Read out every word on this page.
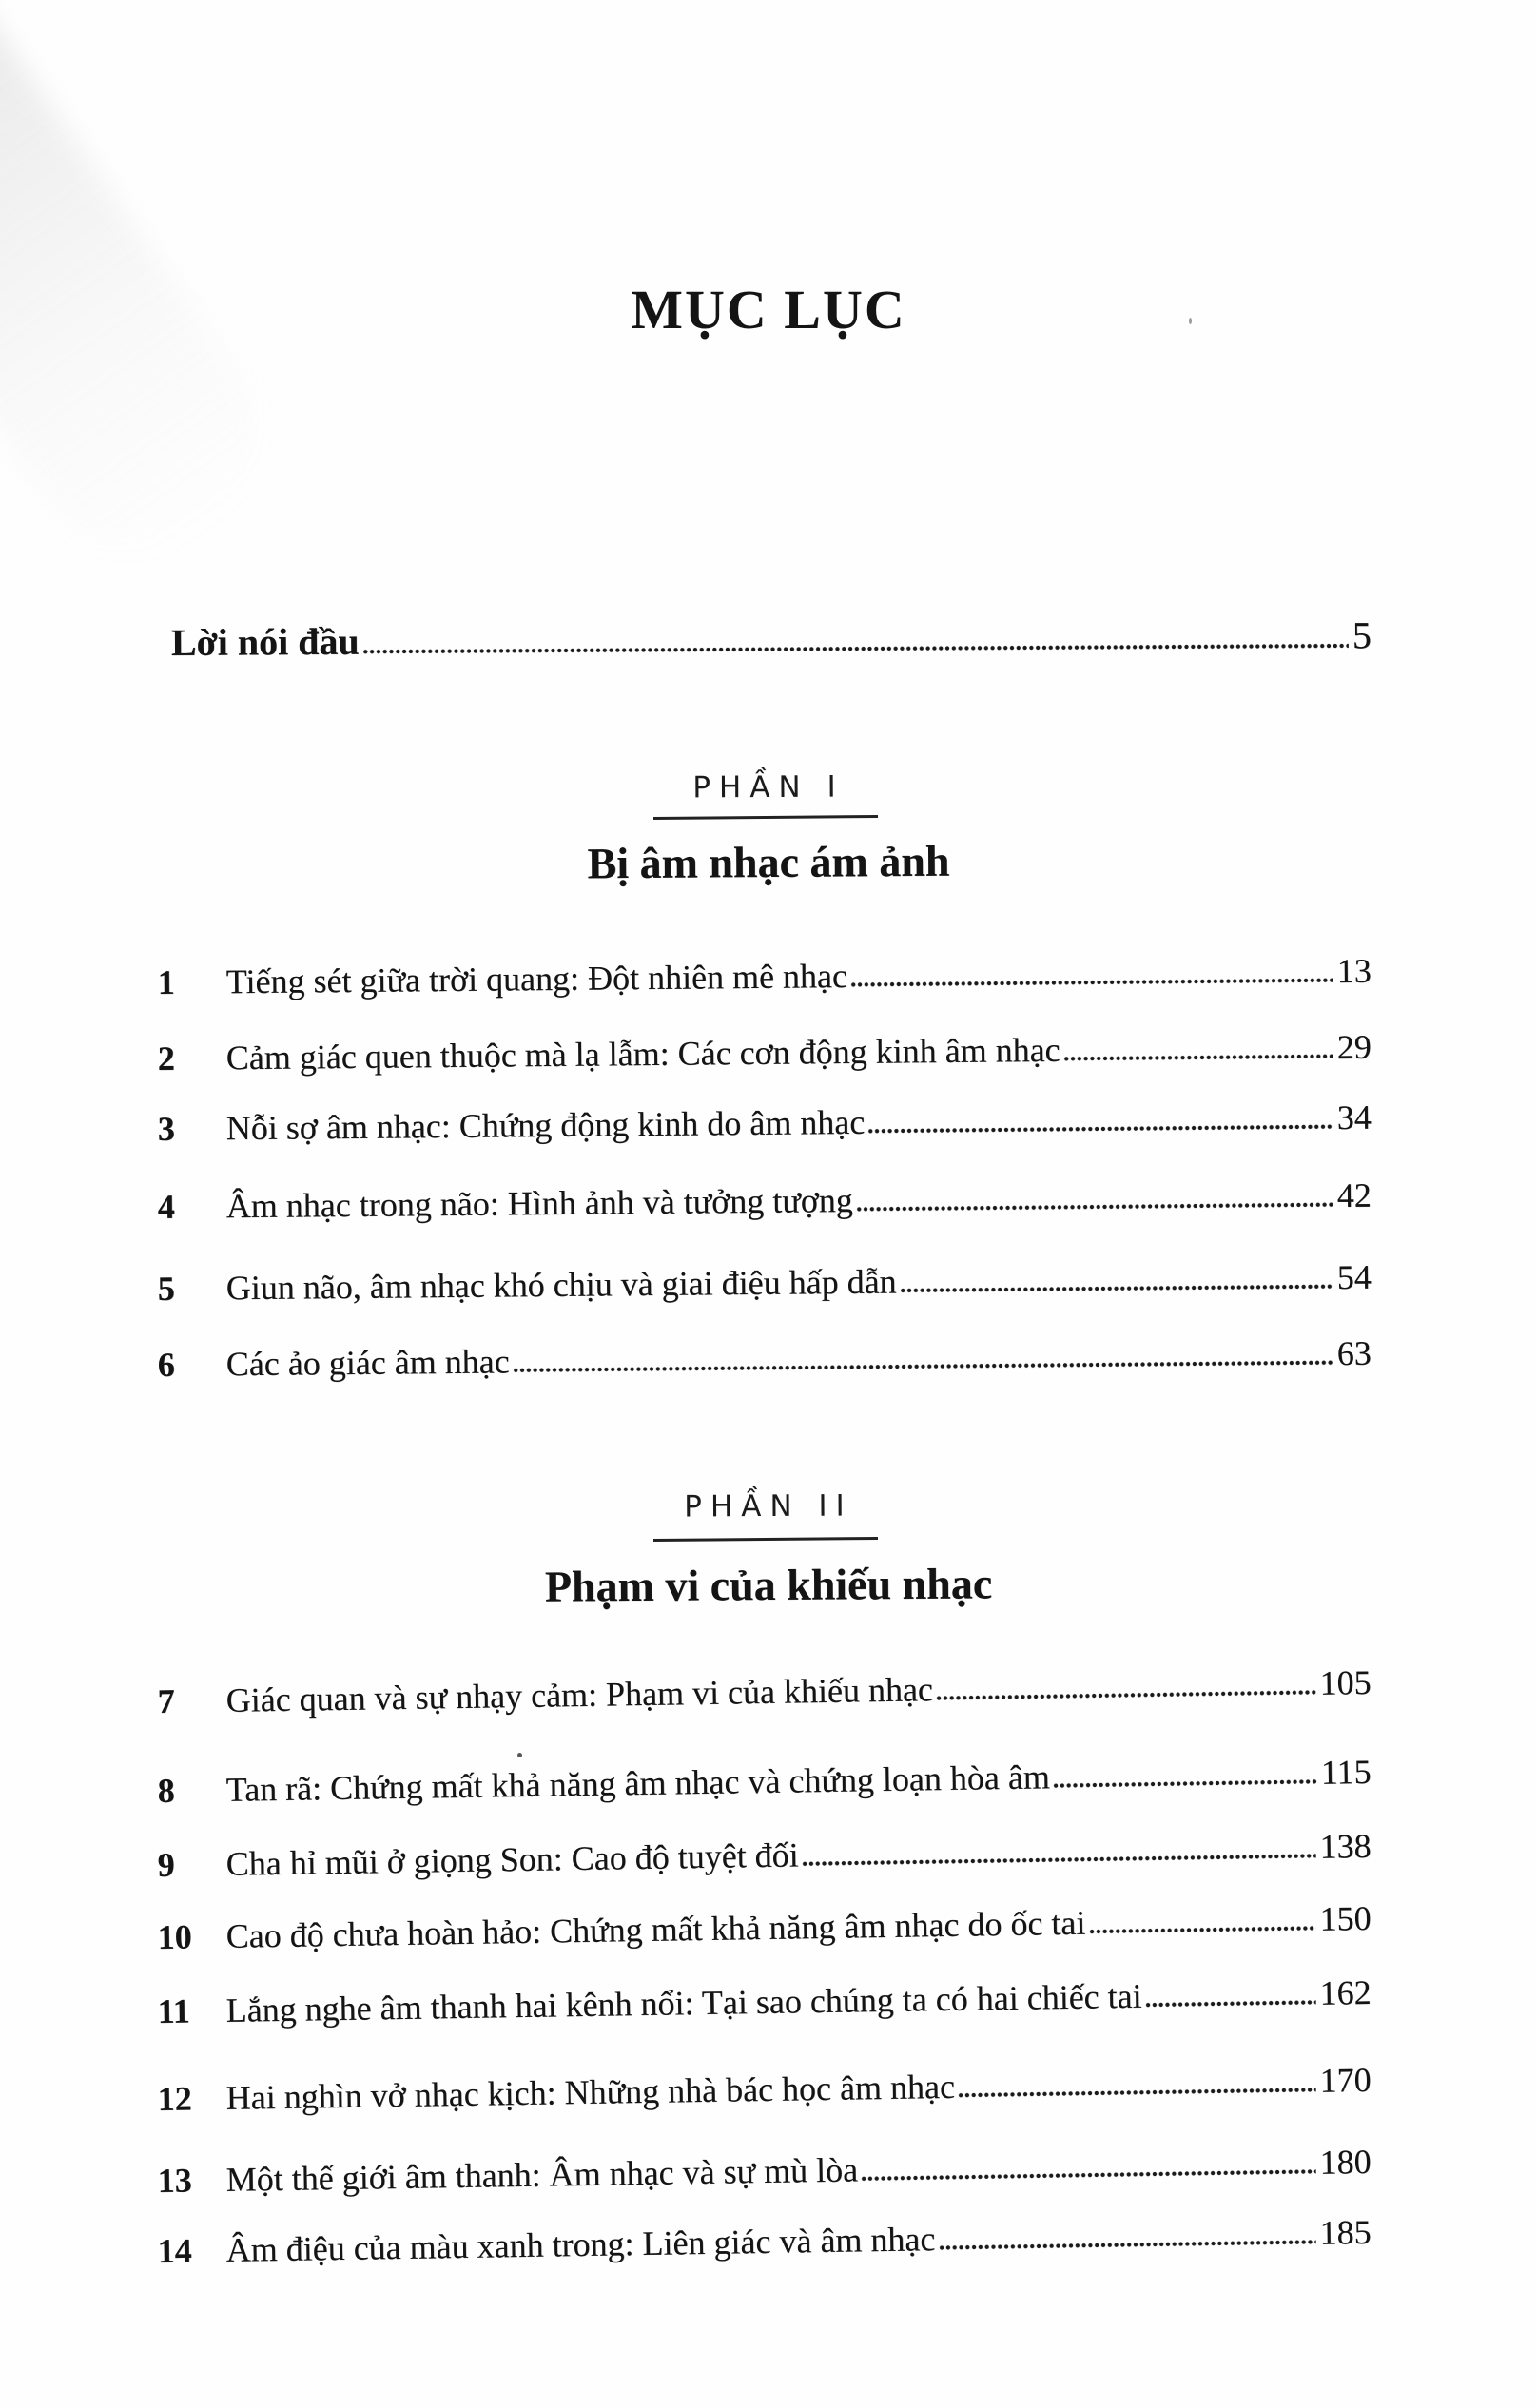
MỤC LỤC
Lời nói đầu	5
PHẦN I
Bị âm nhạc ám ảnh
1	Tiếng sét giữa trời quang: Đột nhiên mê nhạc	13
2	Cảm giác quen thuộc mà lạ lẫm: Các cơn động kinh âm nhạc	29
3	Nỗi sợ âm nhạc: Chứng động kinh do âm nhạc	34
4	Âm nhạc trong não: Hình ảnh và tưởng tượng	42
5	Giun não, âm nhạc khó chịu và giai điệu hấp dẫn	54
6	Các ảo giác âm nhạc	63
PHẦN II
Phạm vi của khiếu nhạc
7	Giác quan và sự nhạy cảm: Phạm vi của khiếu nhạc	105
8	Tan rã: Chứng mất khả năng âm nhạc và chứng loạn hòa âm	115
9	Cha hỉ mũi ở giọng Son: Cao độ tuyệt đối	138
10 Cao độ chưa hoàn hảo: Chứng mất khả năng âm nhạc do ốc tai	150
11	Lắng nghe âm thanh hai kênh nổi: Tại sao chúng ta có hai chiếc tai	162
12 Hai nghìn vở nhạc kịch: Những nhà bác học âm nhạc	170
13 Một thế giới âm thanh: Âm nhạc và sự mù lòa	180
14 Âm điệu của màu xanh trong: Liên giác và âm nhạc	185
